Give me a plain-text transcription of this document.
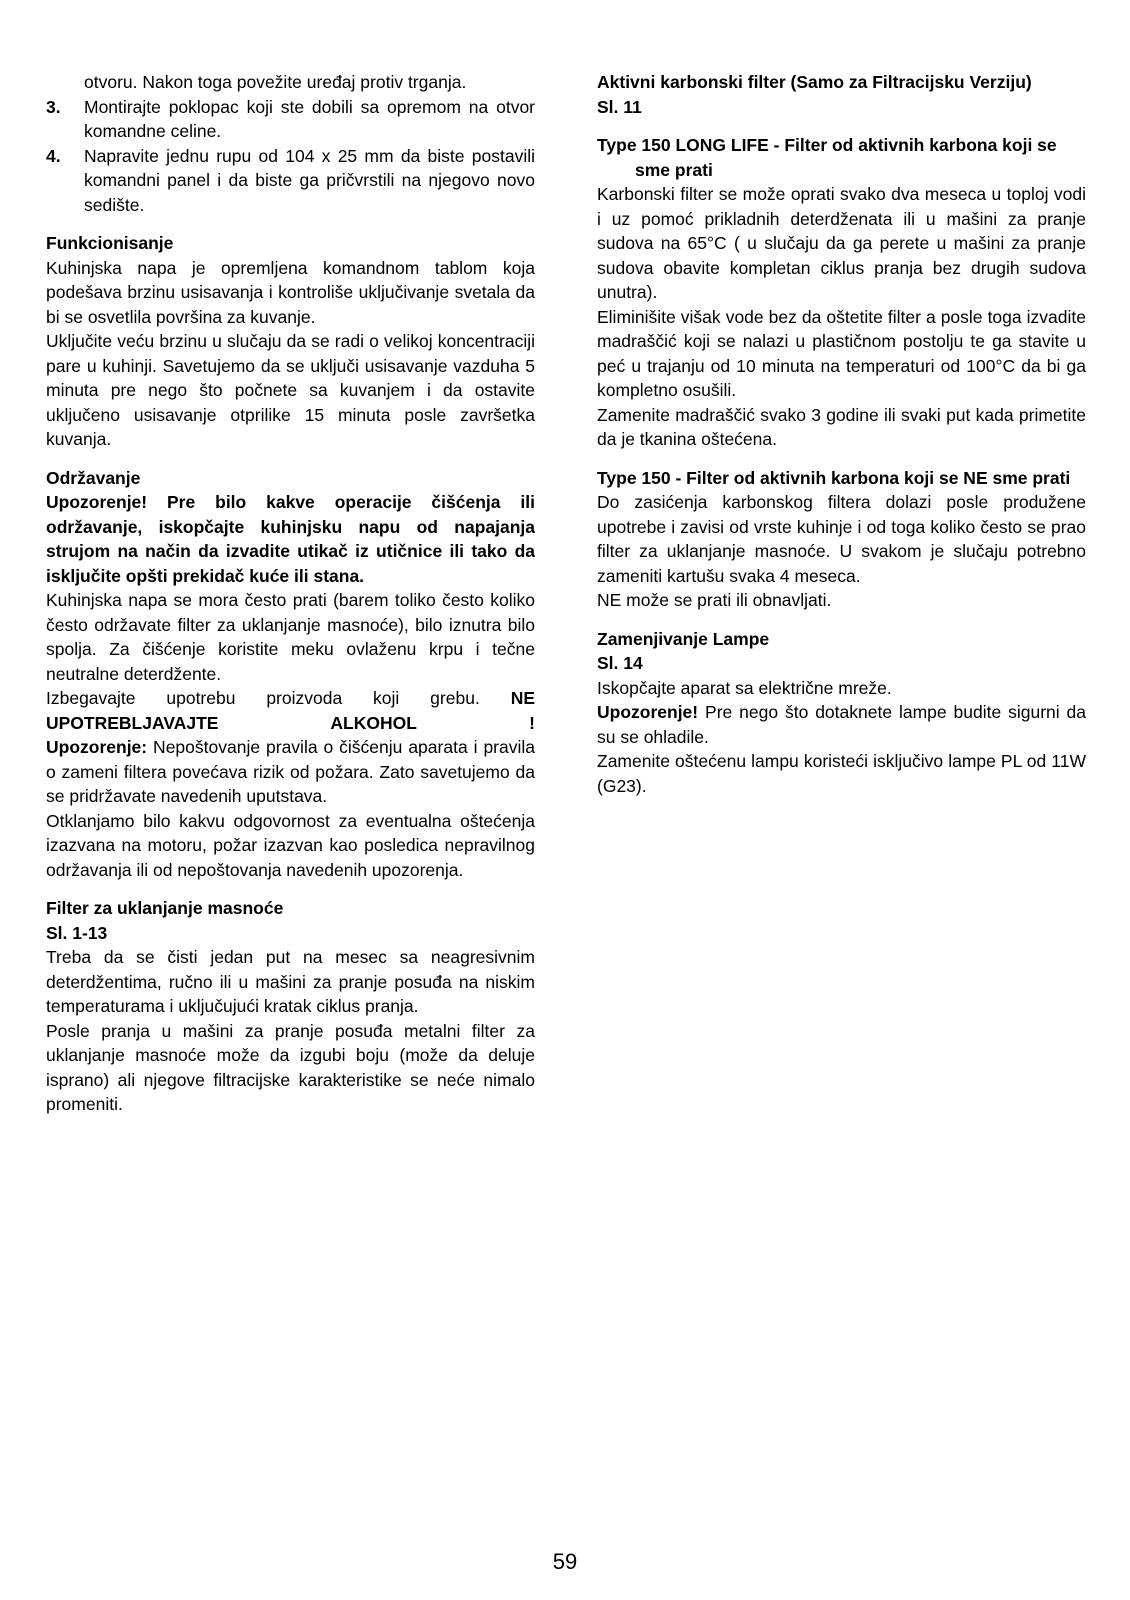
otvoru. Nakon toga povežite uređaj protiv trganja.

3.	Montirajte poklopac koji ste dobili sa opremom na otvor komandne celine.
4.	Napravite jednu rupu od 104 x 25 mm da biste postavili komandni panel i da biste ga pričvrstili na njegovo novo sedište.
Funkcionisanje

Kuhinjska napa je opremljena komandnom tablom koja podešava brzinu usisavanja i kontroliše uključivanje svetala da bi se osvetlila površina za kuvanje.

Uključite veću brzinu u slučaju da se radi o velikoj koncentraciji pare u kuhinji. Savetujemo da se uključi usisavanje vazduha 5 minuta pre nego što počnete sa kuvanjem i da ostavite uključeno usisavanje otprilike 15 minuta posle završetka kuvanja.

Održavanje

Upozorenje! Pre bilo kakve operacije čišćenja ili održavanje, iskopčajte kuhinjsku napu od napajanja strujom na način da izvadite utikač iz utičnice ili tako da isključite opšti prekidač kuće ili stana.

Kuhinjska napa se mora često prati (barem toliko često koliko često održavate filter za uklanjanje masnoće), bilo iznutra bilo spolja. Za čišćenje koristite meku ovlaženu krpu i tečne neutralne deterdžente.

Izbegavajte upotrebu proizvoda koji grebu. NE UPOTREBLJAVAJTE ALKOHOL !

Upozorenje: Nepoštovanje pravila o čišćenju aparata i pravila o zameni filtera povećava rizik od požara. Zato savetujemo da se pridržavate navedenih uputstava.

Otklanjamo bilo kakvu odgovornost za eventualna oštećenja izazvana na motoru, požar izazvan kao posledica nepravilnog održavanja ili od nepoštovanja navedenih upozorenja.

Filter za uklanjanje masnoće
Sl. 1-13

Treba da se čisti jedan put na mesec sa neagresivnim deterdžentima, ručno ili u mašini za pranje posuđa na niskim temperaturama i uključujući kratak ciklus pranja.

Posle pranja u mašini za pranje posuđa metalni filter za uklanjanje masnoće može da izgubi boju (može da deluje isprano) ali njegove filtracijske karakteristike se neće nimalo promeniti.

Aktivni karbonski filter (Samo za Filtracijsku Verziju)
Sl. 11
Type 150 LONG LIFE - Filter od aktivnih karbona koji se
sme prati

Karbonski filter se može oprati svako dva meseca u toploj vodi i uz pomoć prikladnih deterdženata ili u mašini za pranje sudova na 65°C ( u slučaju da ga perete u mašini za pranje sudova obavite kompletan ciklus pranja bez drugih sudova unutra).

Eliminišite višak vode bez da oštetite filter a posle toga izvadite madraščić koji se nalazi u plastičnom postolju te ga stavite u peć u trajanju od 10 minuta na temperaturi od 100°C da bi ga kompletno osušili.

Zamenite madraščić svako 3 godine ili svaki put kada primetite da je tkanina oštećena.

Type 150 - Filter od aktivnih karbona koji se NE sme prati

Do zasićenja karbonskog filtera dolazi posle produžene upotrebe i zavisi od vrste kuhinje i od toga koliko često se prao filter za uklanjanje masnoće. U svakom je slučaju potrebno zameniti kartušu svaka 4 meseca.

NE može se prati ili obnavljati.

Zamenjivanje Lampe
Sl. 14

Iskopčajte aparat sa električne mreže.

Upozorenje! Pre nego što dotaknete lampe budite sigurni da su se ohladile.

Zamenite oštećenu lampu koristeći isključivo lampe PL od 11W (G23).

59
